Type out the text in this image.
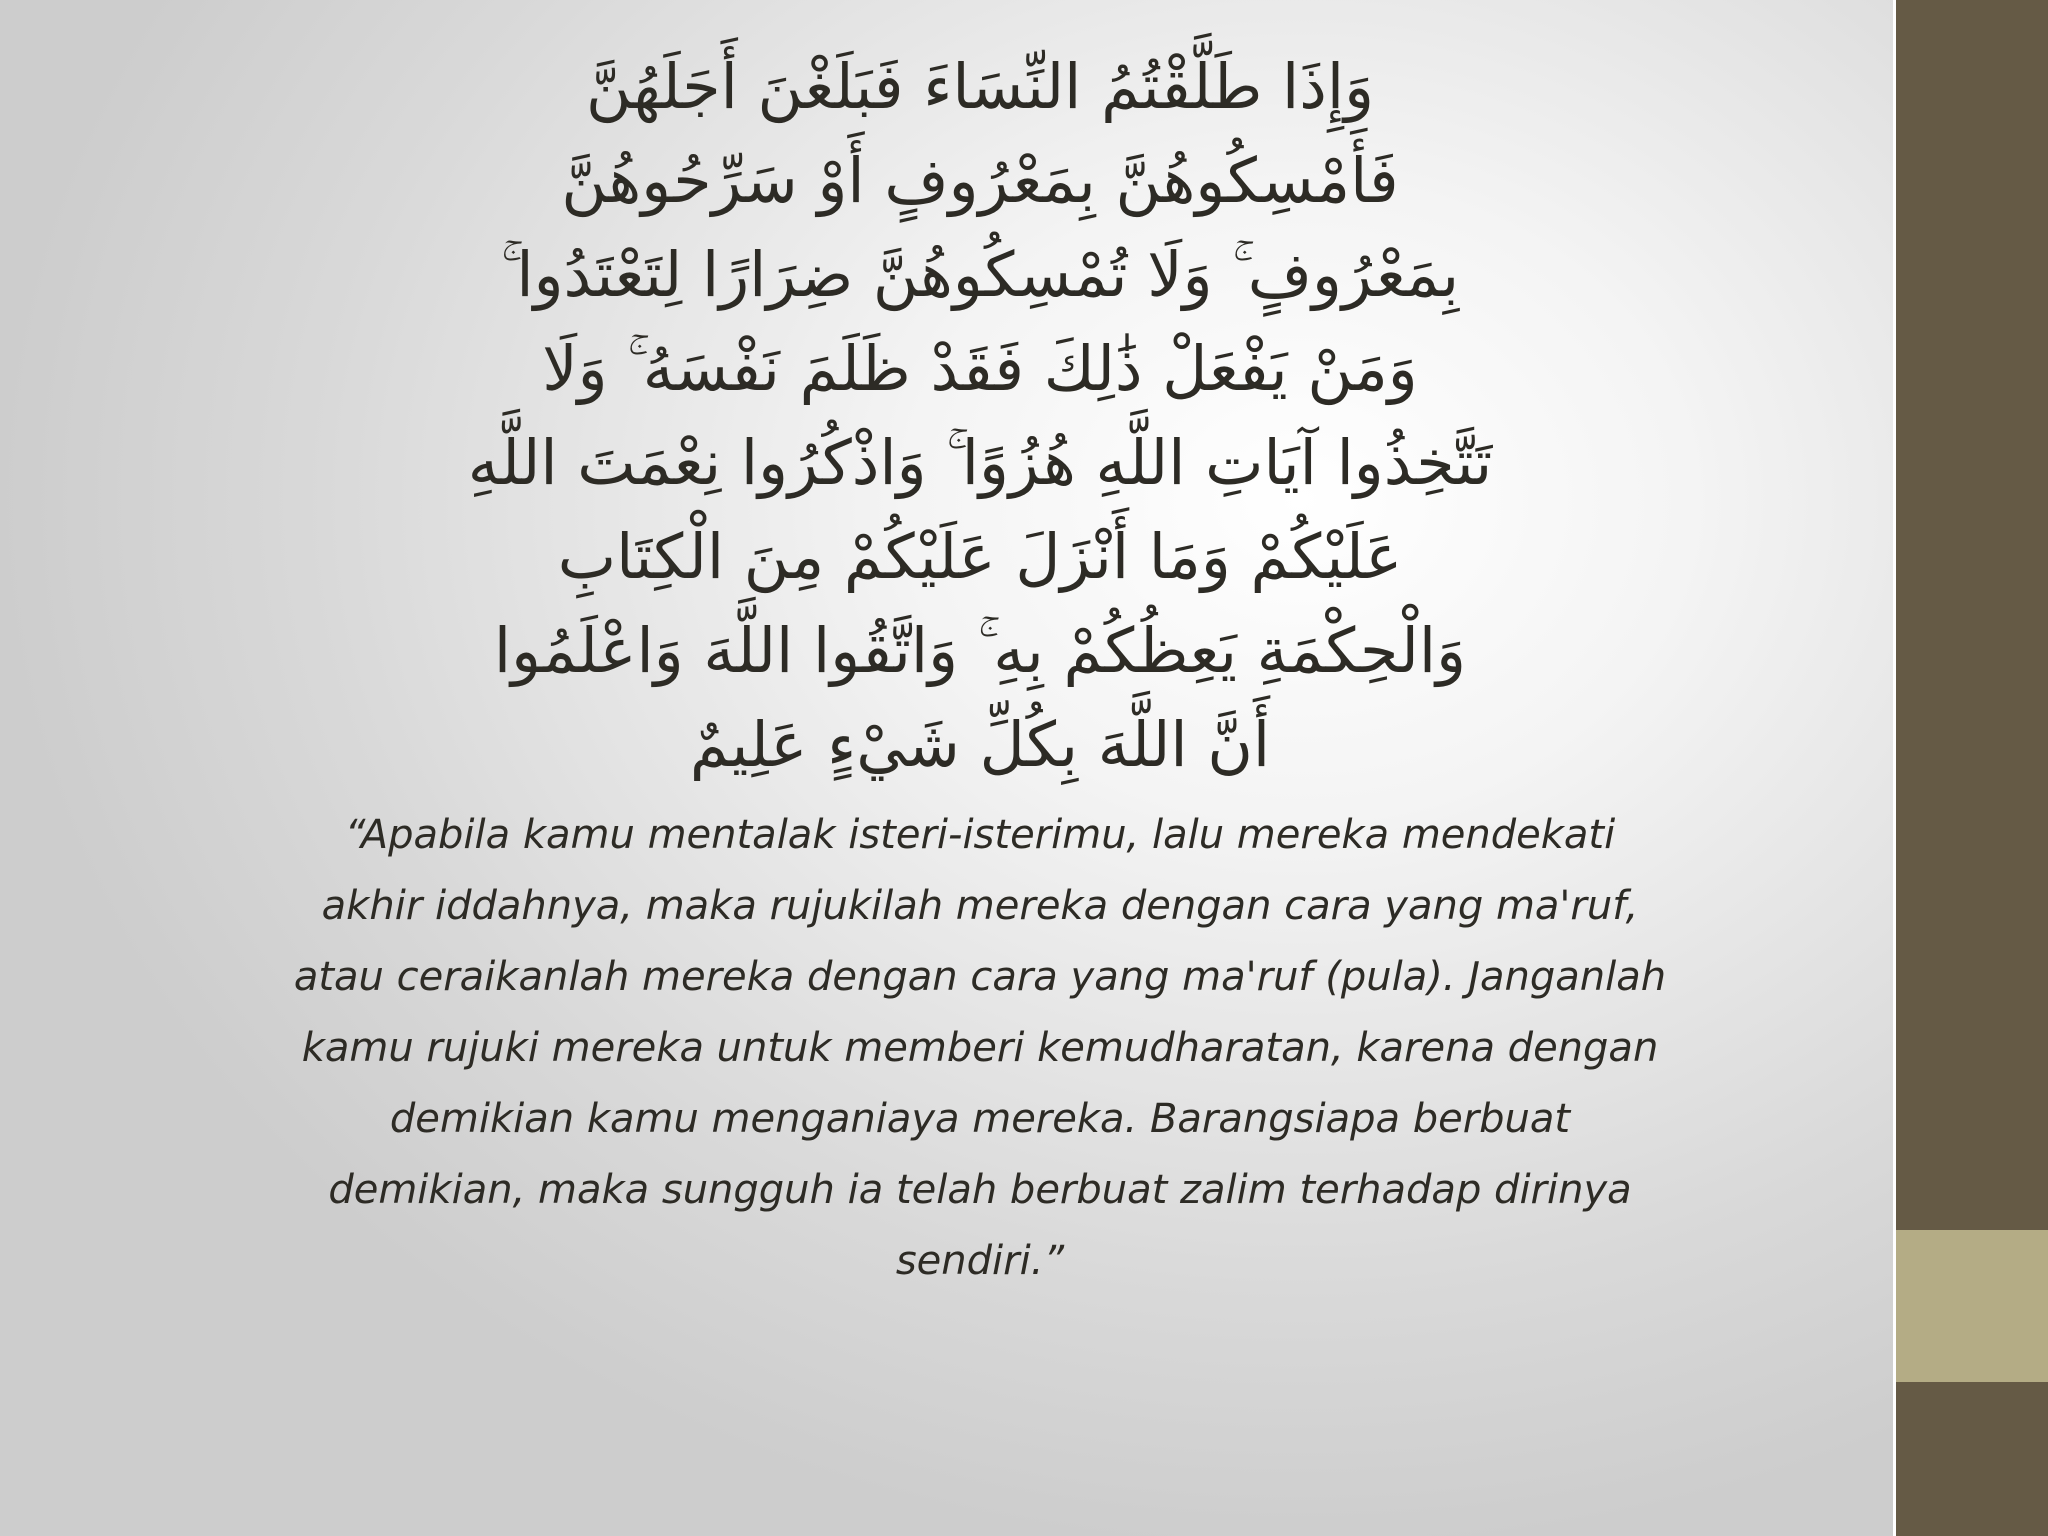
وَإِذَا طَلَّقْتُمُ النِّسَاءَ فَبَلَغْنَ أَجَلَهُنَّ
فَأَمْسِكُوهُنَّ بِمَعْرُوفٍ أَوْ سَرِّحُوهُنَّ
بِمَعْرُوفٍ ۚ وَلَا تُمْسِكُوهُنَّ ضِرَارًا لِتَعْتَدُوا ۚ
وَمَنْ يَفْعَلْ ذَٰلِكَ فَقَدْ ظَلَمَ نَفْسَهُ ۚ وَلَا
تَتَّخِذُوا آيَاتِ اللَّهِ هُزُوًا ۚ وَاذْكُرُوا نِعْمَتَ اللَّهِ
عَلَيْكُمْ وَمَا أَنْزَلَ عَلَيْكُمْ مِنَ الْكِتَابِ
وَالْحِكْمَةِ يَعِظُكُمْ بِهِ ۚ وَاتَّقُوا اللَّهَ وَاعْلَمُوا
أَنَّ اللَّهَ بِكُلِّ شَيْءٍ عَلِيمٌ

“Apabila kamu mentalak isteri-isterimu, lalu mereka mendekati
akhir iddahnya, maka rujukilah mereka dengan cara yang ma'ruf,
atau ceraikanlah mereka dengan cara yang ma'ruf (pula). Janganlah
kamu rujuki mereka untuk memberi kemudharatan, karena dengan
demikian kamu menganiaya mereka. Barangsiapa berbuat
demikian, maka sungguh ia telah berbuat zalim terhadap dirinya
sendiri.”
